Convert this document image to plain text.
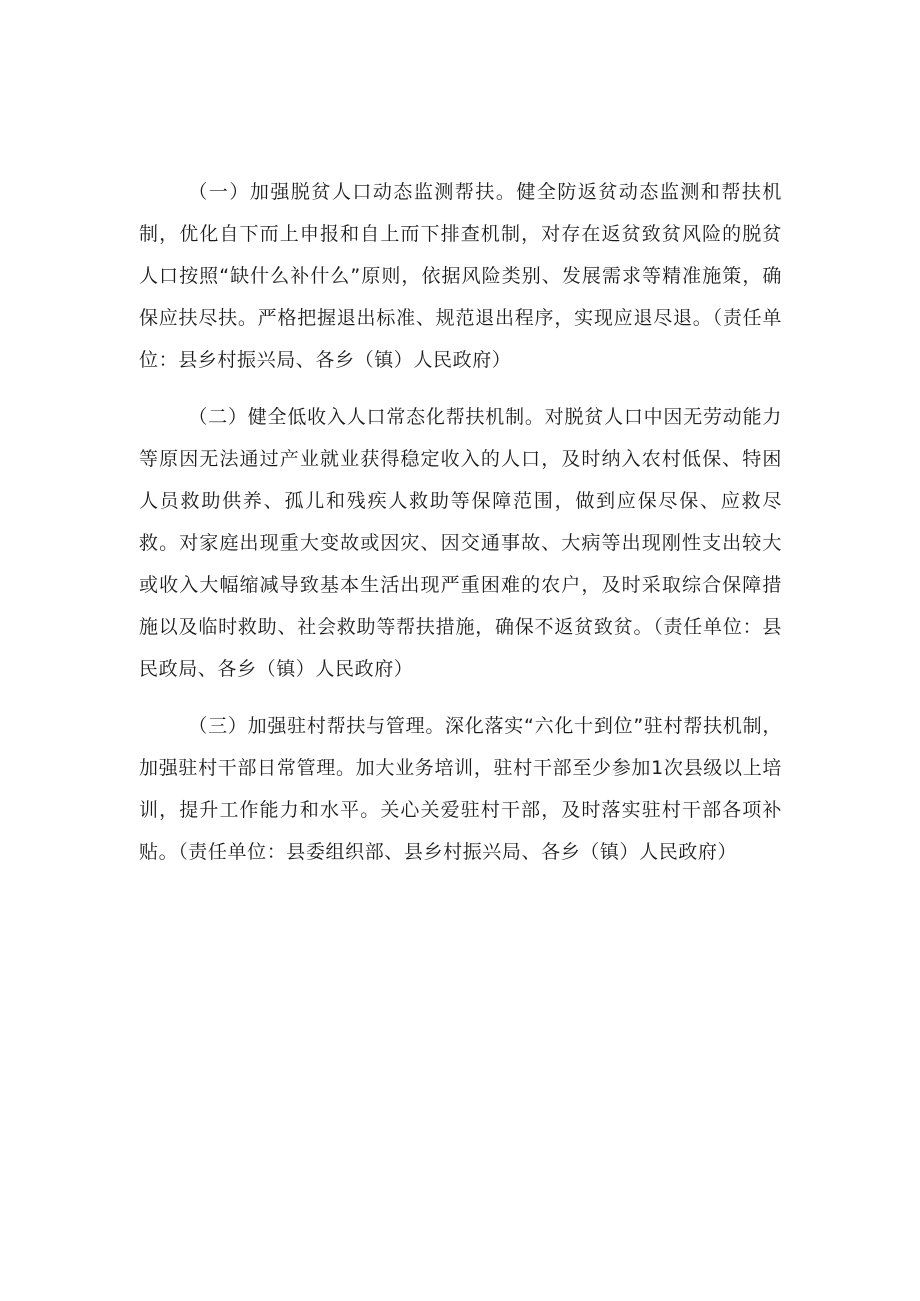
（一）加强脱贫人口动态监测帮扶。健全防返贫动态监测和帮扶机制，优化自下而上申报和自上而下排查机制，对存在返贫致贫风险的脱贫人口按照“缺什么补什么”原则，依据风险类别、发展需求等精准施策，确保应扶尽扶。严格把握退出标准、规范退出程序，实现应退尽退。（责任单位：县乡村振兴局、各乡（镇）人民政府）

（二）健全低收入人口常态化帮扶机制。对脱贫人口中因无劳动能力等原因无法通过产业就业获得稳定收入的人口，及时纳入农村低保、特困人员救助供养、孤儿和残疾人救助等保障范围，做到应保尽保、应救尽救。对家庭出现重大变故或因灾、因交通事故、大病等出现刚性支出较大或收入大幅缩减导致基本生活出现严重困难的农户，及时采取综合保障措施以及临时救助、社会救助等帮扶措施，确保不返贫致贫。（责任单位：县民政局、各乡（镇）人民政府）

（三）加强驻村帮扶与管理。深化落实“六化十到位”驻村帮扶机制，加强驻村干部日常管理。加大业务培训，驻村干部至少参加1次县级以上培训，提升工作能力和水平。关心关爱驻村干部，及时落实驻村干部各项补贴。（责任单位：县委组织部、县乡村振兴局、各乡（镇）人民政府）
